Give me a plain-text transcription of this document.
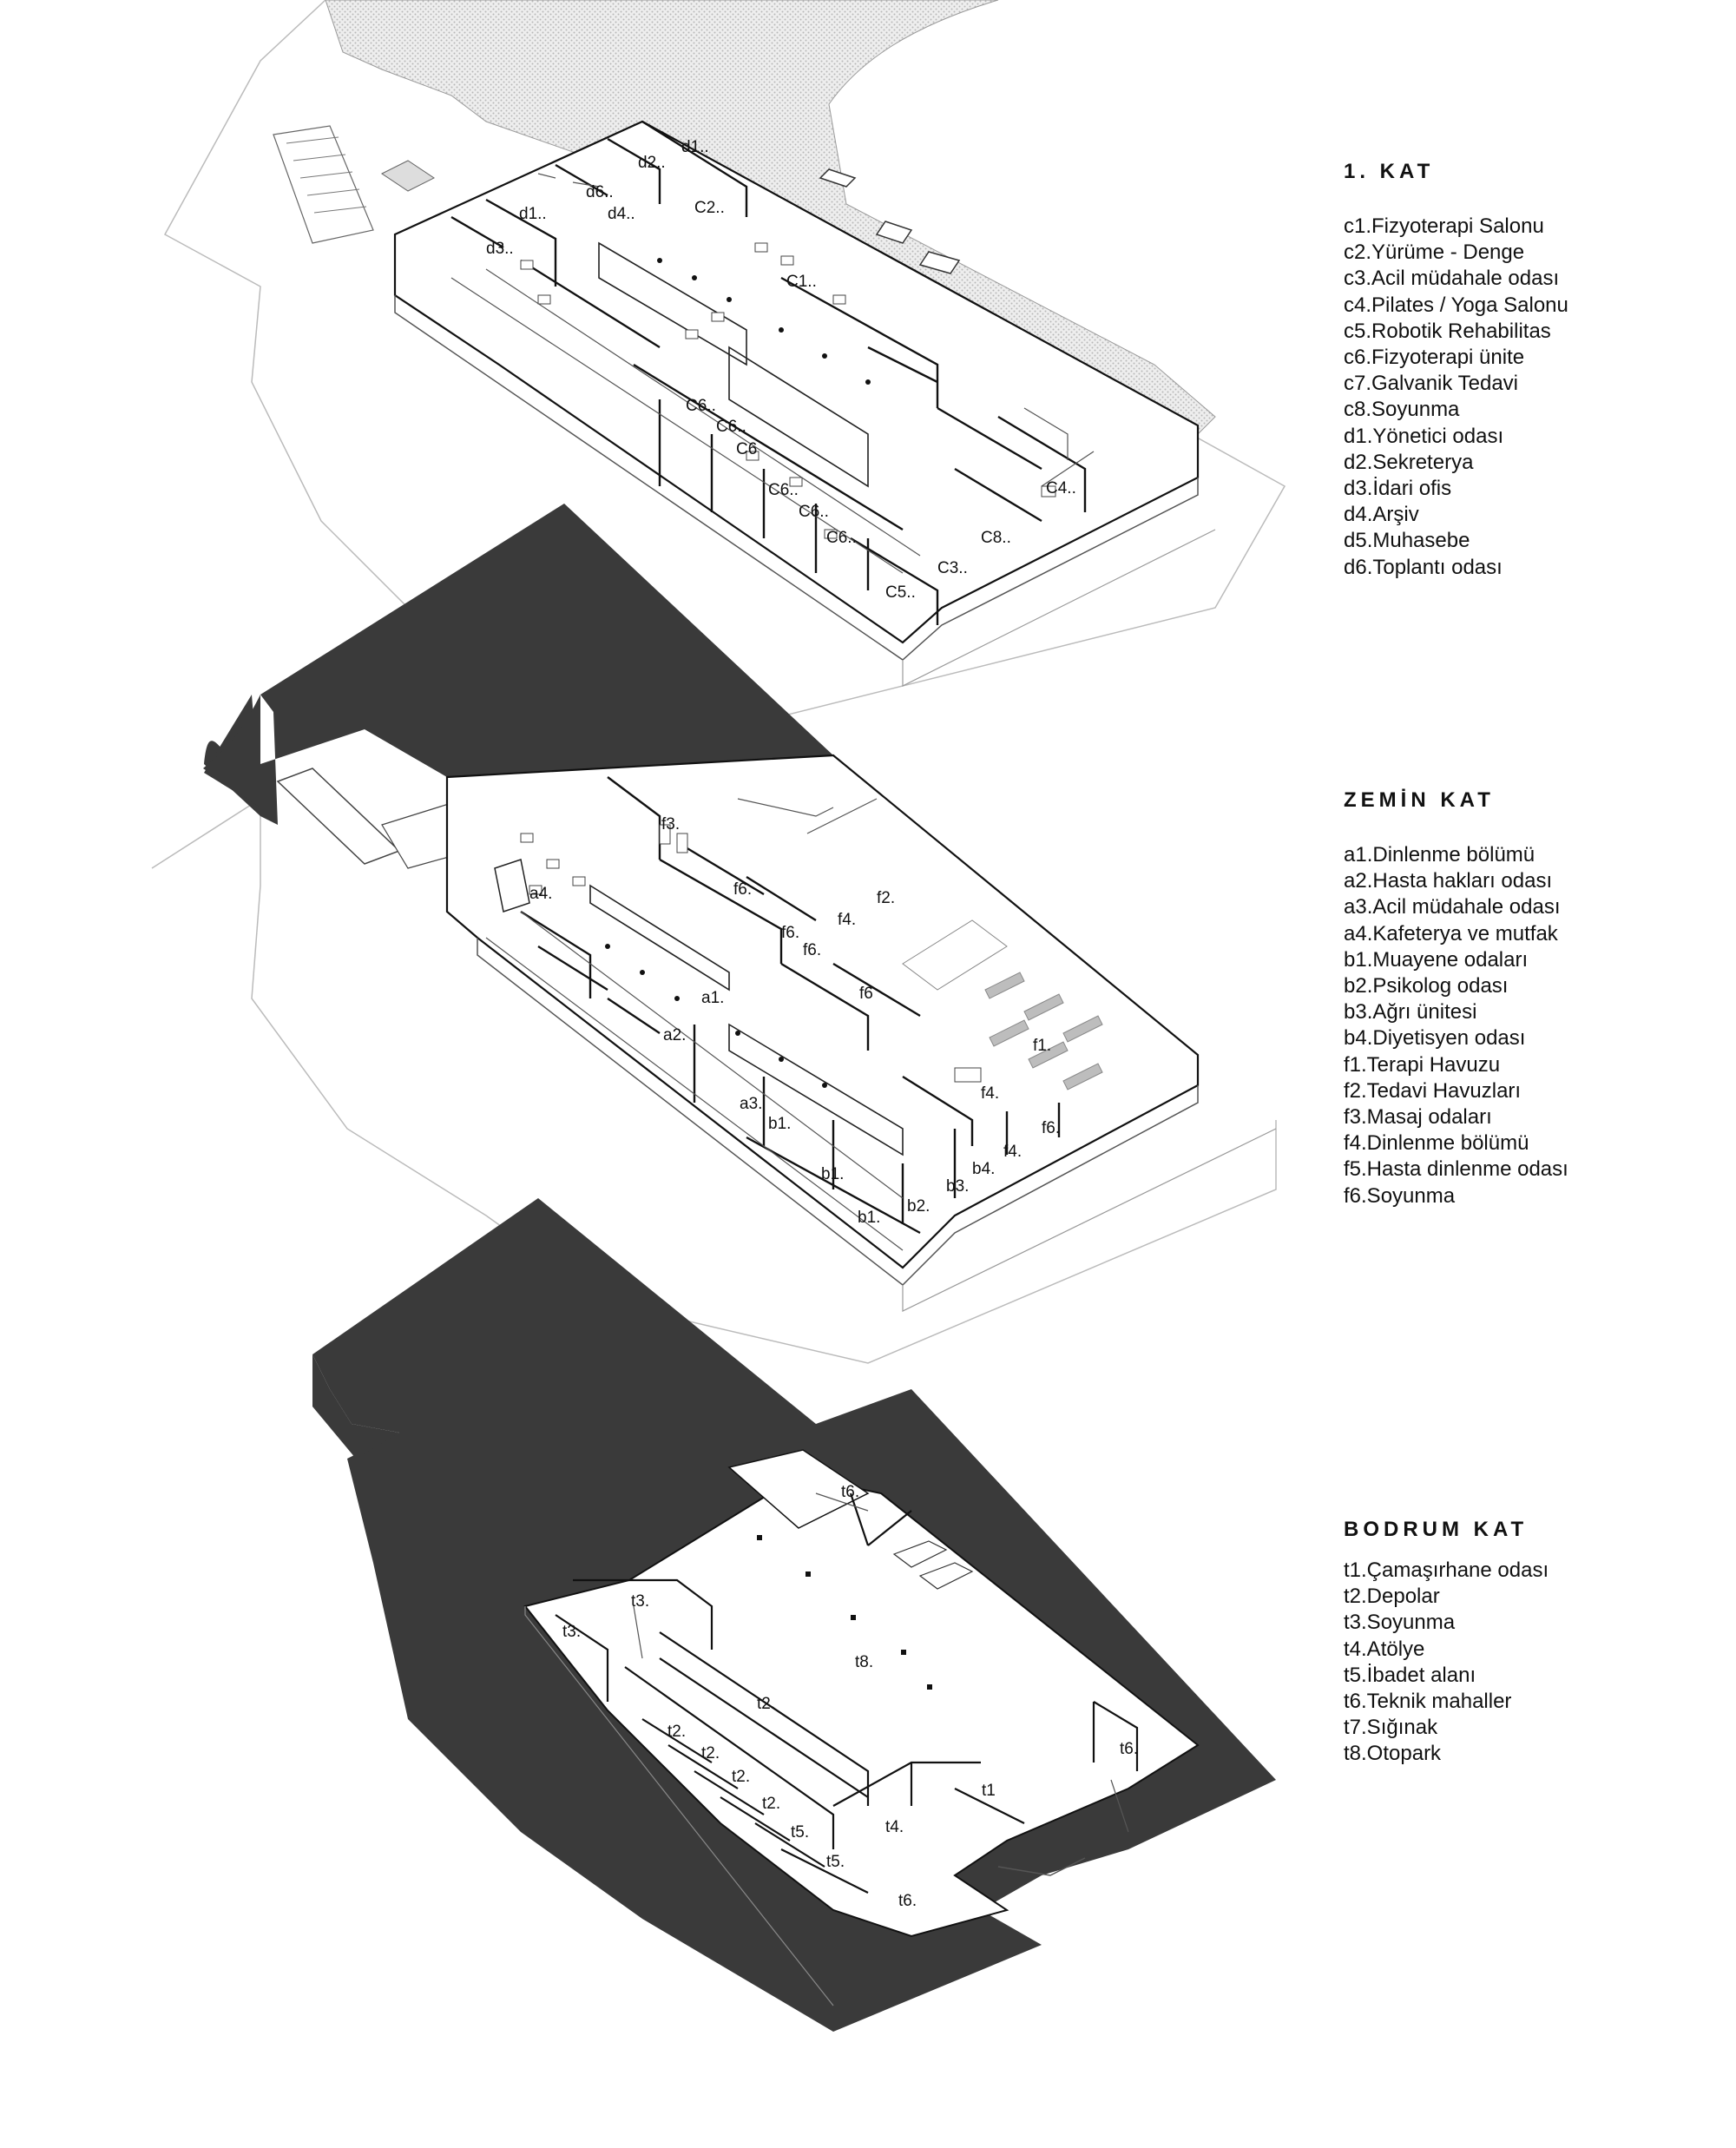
d1..
d2..
d6..
d4..
d1..
d3..
C2..
C1..
C6..
C6..
C6
C6..
C6..
C6..
C4..
C8..
C3..
C5..
f3.
f6.	f2.
f6.
f4.
f6.
f6
a4.
a1.
a2.
f1.
f4.
f6.
a3.
b1.
f4.
b4.
b1.
b3.
b2.
b1.
t6.
t3.
t3.
t8.
t2.
t2.
t2.
t2.
t2.
t6.
t1
t5.	t4.
t5.
t6.
1. KAT
c1.Fizyoterapi Salonu
c2.Yürüme - Denge
c3.Acil müdahale odası
c4.Pilates / Yoga Salonu
c5.Robotik Rehabilitas
c6.Fizyoterapi ünite
c7.Galvanik Tedavi
c8.Soyunma
d1.Yönetici odası
d2.Sekreterya
d3.İdari ofis
d4.Arşiv
d5.Muhasebe
d6.Toplantı odası
ZEMİN KAT
a1.Dinlenme bölümü
a2.Hasta hakları odası
a3.Acil müdahale odası
a4.Kafeterya ve mutfak
b1.Muayene odaları
b2.Psikolog odası
b3.Ağrı ünitesi
b4.Diyetisyen odası
f1.Terapi Havuzu
f2.Tedavi Havuzları
f3.Masaj odaları
f4.Dinlenme bölümü
f5.Hasta dinlenme odası
f6.Soyunma
BODRUM KAT
t1.Çamaşırhane odası
t2.Depolar
t3.Soyunma
t4.Atölye
t5.İbadet alanı
t6.Teknik mahaller
t7.Sığınak
t8.Otopark
